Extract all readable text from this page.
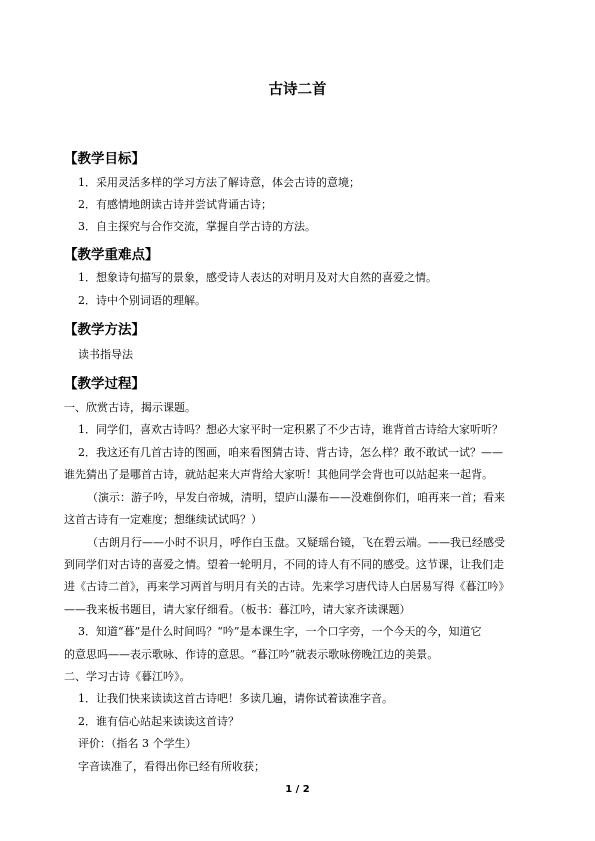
古诗二首
【教学目标】
1．采用灵活多样的学习方法了解诗意，体会古诗的意境；
2．有感情地朗读古诗并尝试背诵古诗；
3．自主探究与合作交流，掌握自学古诗的方法。
【教学重难点】
1．想象诗句描写的景象，感受诗人表达的对明月及对大自然的喜爱之情。
2．诗中个别词语的理解。
【教学方法】
读书指导法
【教学过程】
一、欣赏古诗，揭示课题。
1．同学们，喜欢古诗吗？想必大家平时一定积累了不少古诗，谁背首古诗给大家听听？
2．我这还有几首古诗的图画，咱来看图猜古诗、背古诗，怎么样？敢不敢试一试？——
谁先猜出了是哪首古诗，就站起来大声背给大家听！其他同学会背也可以站起来一起背。
（演示：游子吟，早发白帝城，清明，望庐山瀑布——没难倒你们，咱再来一首；看来
这首古诗有一定难度；想继续试试吗？）
（古朗月行——小时不识月，呼作白玉盘。又疑瑶台镜，飞在碧云端。——我已经感受
到同学们对古诗的喜爱之情。望着一轮明月，不同的诗人有不同的感受。这节课，让我们走
进《古诗二首》，再来学习两首与明月有关的古诗。先来学习唐代诗人白居易写得《暮江吟》
——我来板书题目，请大家仔细看。（板书：暮江吟，请大家齐读课题）
3．知道“暮”是什么时间吗？“吟”是本课生字，一个口字旁，一个今天的今，知道它
的意思吗——表示歌咏、作诗的意思。“暮江吟”就表示歌咏傍晚江边的美景。
二、学习古诗《暮江吟》。
1．让我们快来读读这首古诗吧！多读几遍，请你试着读准字音。
2．谁有信心站起来读读这首诗？
评价：（指名 3 个学生）
字音读准了，看得出你已经有所收获；
1 / 2
